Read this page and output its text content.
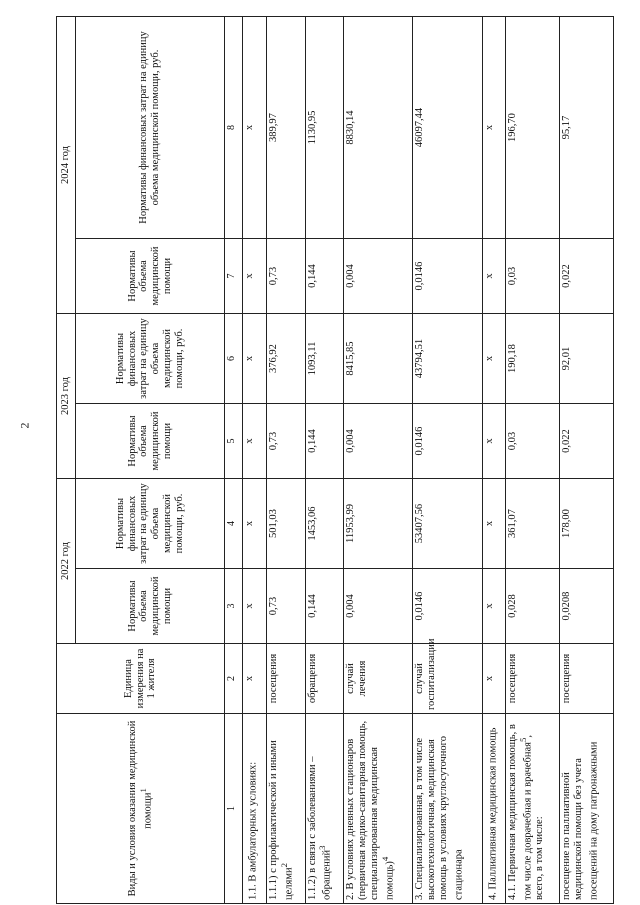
2
Виды и условия оказания медицинской помощи$^1$	Единица измерения на 1 жителя	2022 год		2023 год		2024 год	
		Нормативы объема медицинской помощи	Нормативы финансовых затрат на единицу объема медицинской помощи, руб.	Нормативы объема медицинской помощи	Нормативы финансовых затрат на единицу объема медицинской помощи, руб.	Нормативы объема медицинской помощи	Нормативы финансовых затрат на единицу объема медицинской помощи, руб.
1	2	3	4	5	6	7	8
1.1. В амбулаторных условиях:	х	х	х	х	х	х	х
1.1.1) с профилактической и иными целями$^2$	посещения	0,73	501,03	0,73	376,92	0,73	389,97
1.1.2) в связи с заболеваниями – обращений$^3$	обращения	0,144	1453,06	0,144	1093,11	0,144	1130,95
2. В условиях дневных стационаров (первичная медико-санитарная помощь, специализированная медицинская помощь)$^4$	случай лечения	0,004	11953,99	0,004	8415,85	0,004	8830,14
3. Специализированная, в том числе высокотехнологичная, медицинская помощь в условиях круглосуточного стационара	случай госпитализации	0,0146	53407,56	0,0146	43794,51	0,0146	46097,44
4. Паллиативная медицинская помощь	х	х	х	х	х	х	х
4.1. Первичная медицинская помощь, в том числе доврачебная и врачебная$^5$, всего, в том числе:	посещения	0,028	361,07	0,03	190,18	0,03	196,70
посещение по паллиативной медицинской помощи без учета посещений на дому патронажными	посещения	0,0208	178,00	0,022	92,01	0,022	95,17
